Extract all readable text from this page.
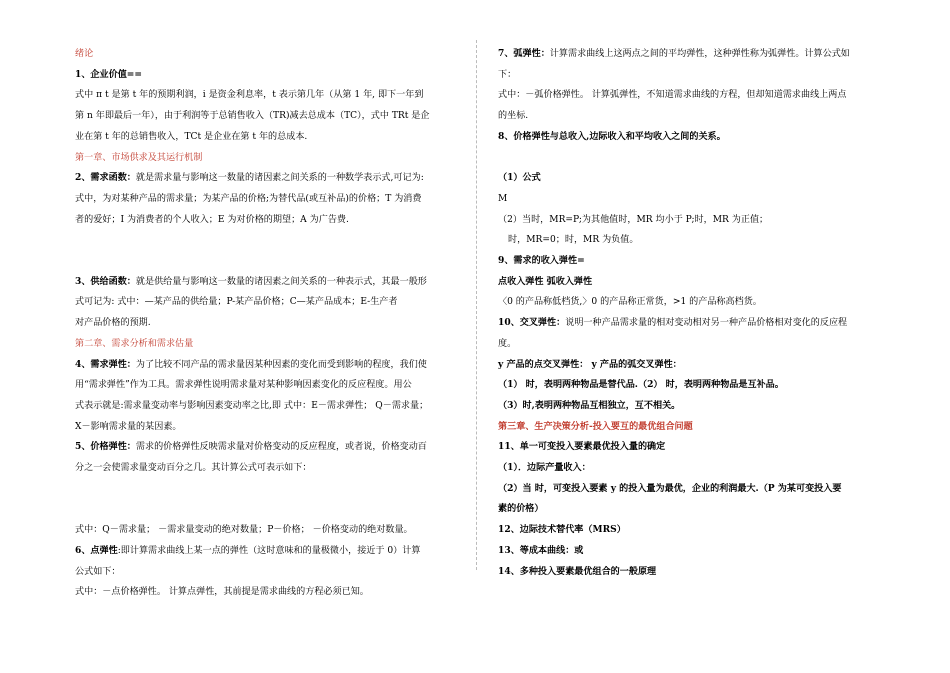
绪论

1、企业价值==

式中 π t 是第 t 年的预期利润，i 是资金利息率，t 表示第几年（从第 1 年, 即下一年到

第 n 年即最后一年），由于利润等于总销售收入（TR)减去总成本（TC），式中 TRt 是企

业在第 t 年的总销售收入，TCt 是企业在第 t 年的总成本.

第一章、市场供求及其运行机制

2、需求函数：就是需求量与影响这一数量的诸因素之间关系的一种数学表示式,可记为:

式中，为对某种产品的需求量；为某产品的价格;为替代品(或互补品)的价格；T 为消费

者的爱好；I 为消费者的个人收入；E 为对价格的期望；A 为广告费.

3、供给函数：就是供给量与影响这一数量的诸因素之间关系的一种表示式，其最一般形

式可记为: 式中：—某产品的供给量；P-某产品价格；C—某产品成本；E-生产者

对产品价格的预期.

第二章、需求分析和需求估量

4、需求弹性：为了比较不同产品的需求量因某种因素的变化而受到影响的程度，我们使

用“需求弹性”作为工具。需求弹性说明需求量对某种影响因素变化的反应程度。用公

式表示就是:需求量变动率与影响因素变动率之比,即 式中：E－需求弹性； Q－需求量；

X－影响需求量的某因素。

5、价格弹性：需求的价格弹性反映需求量对价格变动的反应程度，或者说，价格变动百

分之一会使需求量变动百分之几。其计算公式可表示如下：

式中：Q－需求量； －需求量变动的绝对数量；P－价格； －价格变动的绝对数量。

6、点弹性:即计算需求曲线上某一点的弹性（这时意味和的量极微小，接近于 0）计算

公式如下：

式中：－点价格弹性。 计算点弹性，其前提是需求曲线的方程必须已知。

7、弧弹性：计算需求曲线上这两点之间的平均弹性，这种弹性称为弧弹性。计算公式如

下：

式中：－弧价格弹性。 计算弧弹性，不知道需求曲线的方程，但却知道需求曲线上两点

的坐标.

8、价格弹性与总收入,边际收入和平均收入之间的关系。

（1）公式

M

（2）当时，MR=P;为其他值时，MR 均小于 P;时，MR 为正值；

时，MR=0；时，MR 为负值。

9、需求的收入弹性=

点收入弹性 弧收入弹性

〈0 的产品称低档货,〉0 的产品称正常货，>1 的产品称高档货。

10、交叉弹性：说明一种产品需求量的相对变动相对另一种产品价格相对变化的反应程

度。

y 产品的点交叉弹性： y 产品的弧交叉弹性：

（1） 时，表明两种物品是替代品.（2） 时，表明两种物品是互补品。

（3）时,表明两种物品互相独立，互不相关。

第三章、生产决策分析-投入要互的最优组合问题

11、单一可变投入要素最优投入量的确定

（1）．边际产量收入：

（2）当 时，可变投入要素 y 的投入量为最优，企业的利润最大.（P 为某可变投入要

素的价格）

12、边际技术替代率（MRS）

13、等成本曲线：或

14、多种投入要素最优组合的一般原理
